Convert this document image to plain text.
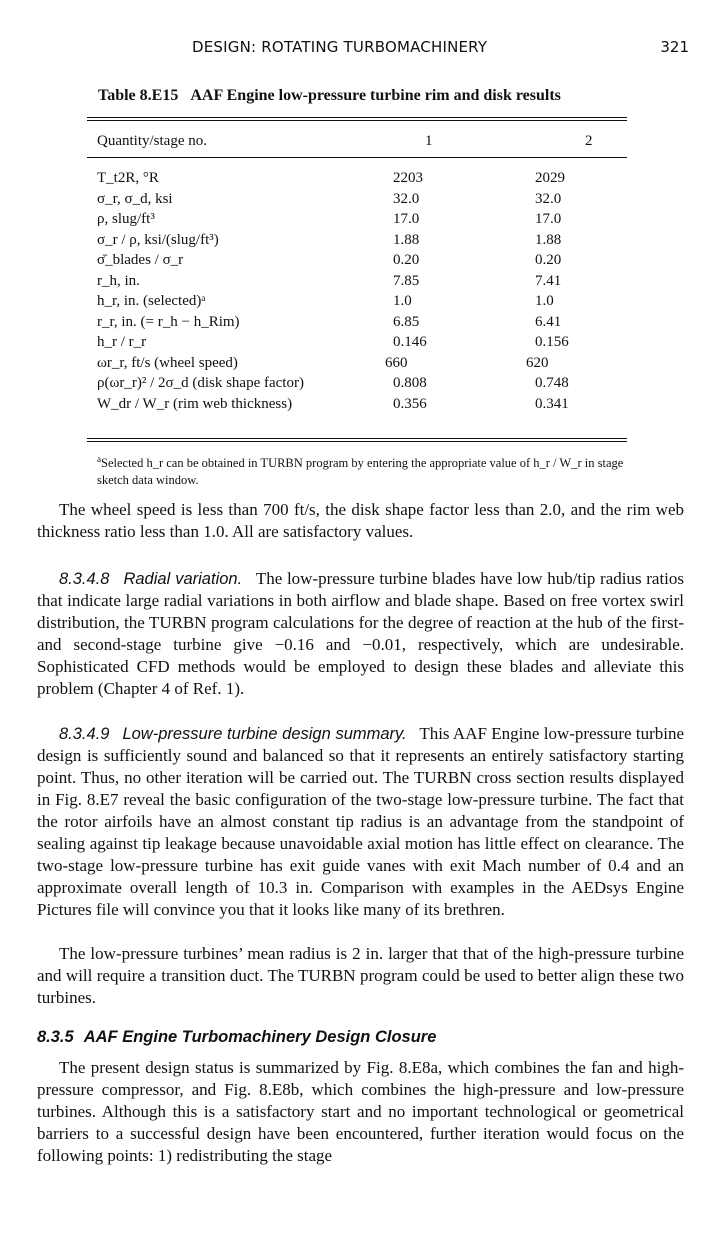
DESIGN: ROTATING TURBOMACHINERY	321
Table 8.E15 AAF Engine low-pressure turbine rim and disk results
Quantity/stage no.	1	2
T_t2R, °R	2203	2029
σ_r, σ_d, ksi	32.0	32.0
ρ, slug/ft³	17.0	17.0
σ_r / ρ, ksi/(slug/ft³)	1.88	1.88
σ̄_blades / σ_r	0.20	0.20
r_h, in.	7.85	7.41
h_r, in. (selected)ᵃ	1.0	1.0
r_r, in. (= r_h − h_Rim)	6.85	6.41
h_r / r_r	0.146	0.156
ωr_r, ft/s (wheel speed)	660	620
ρ(ωr_r)² / 2σ_d (disk shape factor)	0.808	0.748
W_dr / W_r (rim web thickness)	0.356	0.341
$^a$Selected h_r can be obtained in TURBN program by entering the appropriate value of h_r / W_r in stage sketch data window.
The wheel speed is less than 700 ft/s, the disk shape factor less than 2.0, and the rim web thickness ratio less than 1.0. All are satisfactory values.
8.3.4.8 Radial variation. The low-pressure turbine blades have low hub/tip radius ratios that indicate large radial variations in both airflow and blade shape. Based on free vortex swirl distribution, the TURBN program calculations for the degree of reaction at the hub of the first- and second-stage turbine give −0.16 and −0.01, respectively, which are undesirable. Sophisticated CFD methods would be employed to design these blades and alleviate this problem (Chapter 4 of Ref. 1).
8.3.4.9 Low-pressure turbine design summary. This AAF Engine low-pressure turbine design is sufficiently sound and balanced so that it represents an entirely satisfactory starting point. Thus, no other iteration will be carried out. The TURBN cross section results displayed in Fig. 8.E7 reveal the basic configuration of the two-stage low-pressure turbine. The fact that the rotor airfoils have an almost constant tip radius is an advantage from the standpoint of sealing against tip leakage because unavoidable axial motion has little effect on clearance. The two-stage low-pressure turbine has exit guide vanes with exit Mach number of 0.4 and an approximate overall length of 10.3 in. Comparison with examples in the AEDsys Engine Pictures file will convince you that it looks like many of its brethren.
The low-pressure turbines’ mean radius is 2 in. larger that that of the high-pressure turbine and will require a transition duct. The TURBN program could be used to better align these two turbines.
8.3.5 AAF Engine Turbomachinery Design Closure
The present design status is summarized by Fig. 8.E8a, which combines the fan and high-pressure compressor, and Fig. 8.E8b, which combines the high-pressure and low-pressure turbines. Although this is a satisfactory start and no important technological or geometrical barriers to a successful design have been encountered, further iteration would focus on the following points: 1) redistributing the stage
